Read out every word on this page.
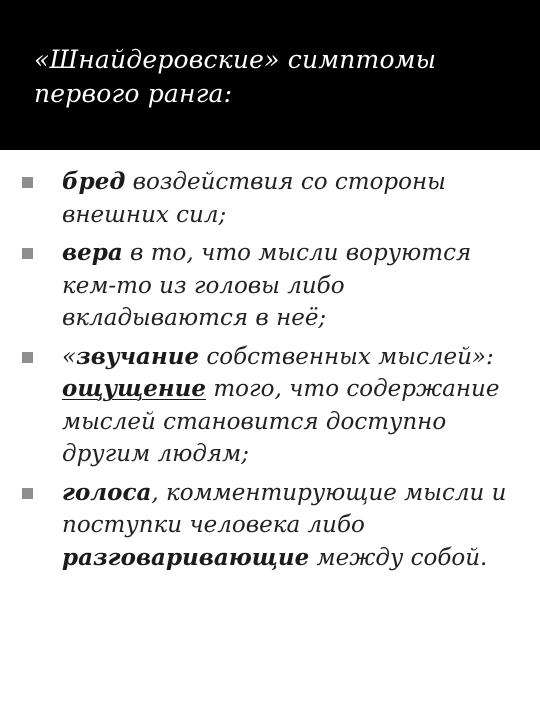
«Шнайдеровские» симптомы первого ранга:
бред воздействия со стороны внешних сил;
вера в то, что мысли воруются кем-то из головы либо вкладываются в неё;
«звучание собственных мыслей»: ощущение того, что содержание мыслей становится доступно другим людям;
голоса, комментирующие мысли и поступки человека либо разговаривающие между собой.
